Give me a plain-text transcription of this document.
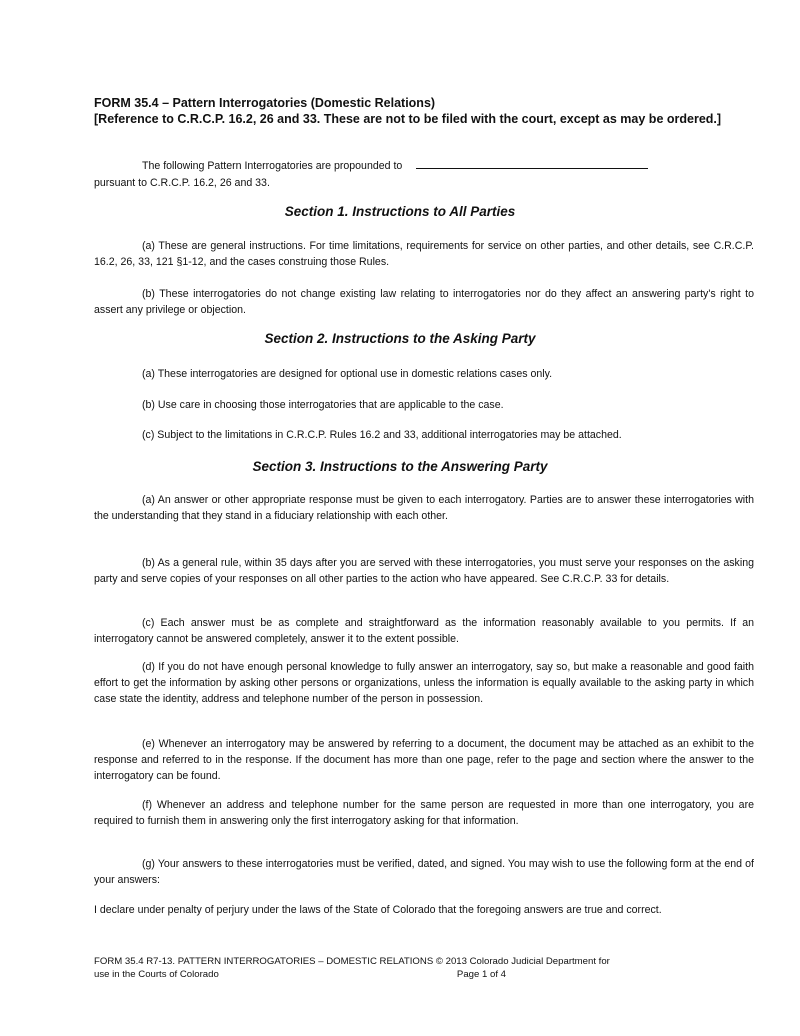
FORM 35.4 – Pattern Interrogatories (Domestic Relations)
[Reference to C.R.C.P. 16.2, 26 and 33. These are not to be filed with the court, except as may be ordered.]
The following Pattern Interrogatories are propounded to
pursuant to C.R.C.P. 16.2, 26 and 33.
Section 1. Instructions to All Parties
(a) These are general instructions. For time limitations, requirements for service on other parties, and other details, see C.R.C.P. 16.2, 26, 33, 121 §1-12, and the cases construing those Rules.
(b) These interrogatories do not change existing law relating to interrogatories nor do they affect an answering party's right to assert any privilege or objection.
Section 2. Instructions to the Asking Party
(a) These interrogatories are designed for optional use in domestic relations cases only.
(b) Use care in choosing those interrogatories that are applicable to the case.
(c) Subject to the limitations in C.R.C.P. Rules 16.2 and 33, additional interrogatories may be attached.
Section 3. Instructions to the Answering Party
(a) An answer or other appropriate response must be given to each interrogatory. Parties are to answer these interrogatories with the understanding that they stand in a fiduciary relationship with each other.
(b) As a general rule, within 35 days after you are served with these interrogatories, you must serve your responses on the asking party and serve copies of your responses on all other parties to the action who have appeared. See C.R.C.P. 33 for details.
(c) Each answer must be as complete and straightforward as the information reasonably available to you permits. If an interrogatory cannot be answered completely, answer it to the extent possible.
(d) If you do not have enough personal knowledge to fully answer an interrogatory, say so, but make a reasonable and good faith effort to get the information by asking other persons or organizations, unless the information is equally available to the asking party in which case state the identity, address and telephone number of the person in possession.
(e) Whenever an interrogatory may be answered by referring to a document, the document may be attached as an exhibit to the response and referred to in the response. If the document has more than one page, refer to the page and section where the answer to the interrogatory can be found.
(f) Whenever an address and telephone number for the same person are requested in more than one interrogatory, you are required to furnish them in answering only the first interrogatory asking for that information.
(g) Your answers to these interrogatories must be verified, dated, and signed. You may wish to use the following form at the end of your answers:
I declare under penalty of perjury under the laws of the State of Colorado that the foregoing answers are true and correct.
FORM 35.4 R7-13. PATTERN INTERROGATORIES – DOMESTIC RELATIONS © 2013 Colorado Judicial Department for
use in the Courts of Colorado	Page 1 of 4
